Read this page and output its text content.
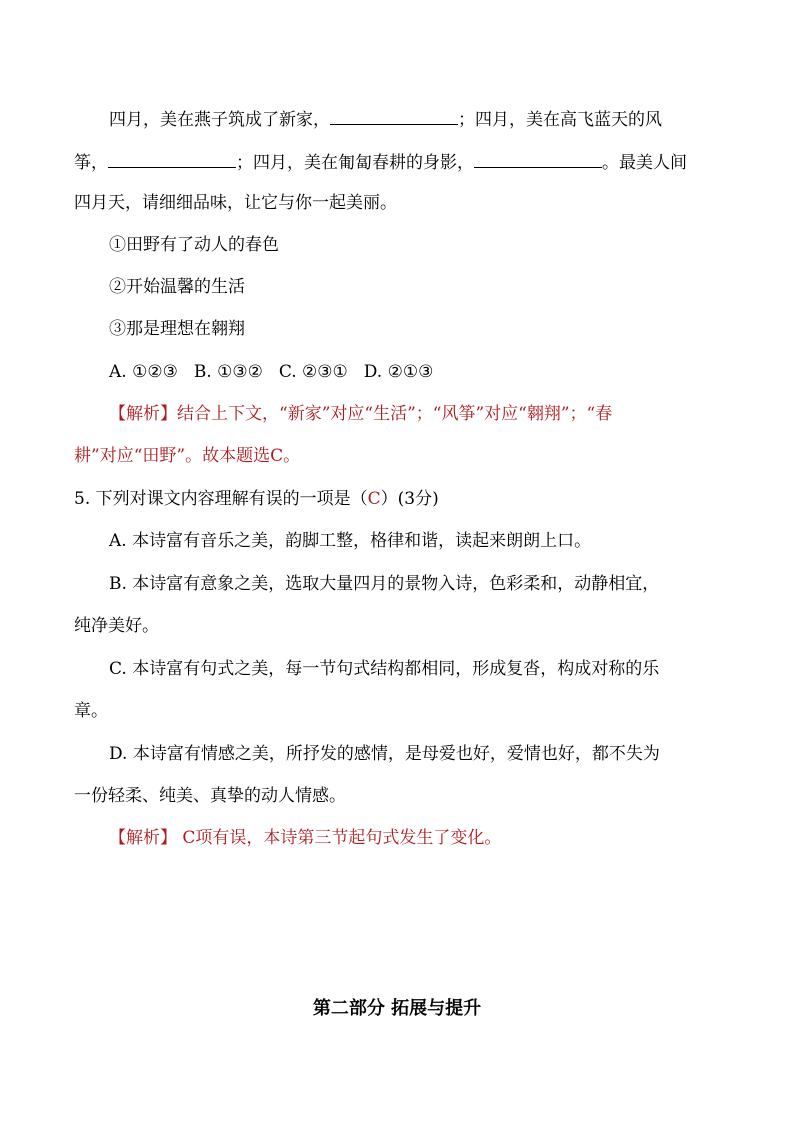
四月，美在燕子筑成了新家，	；四月，美在高飞蓝天的风
筝，	；四月，美在匍匐春耕的身影，	。最美人间
四月天，请细细品味，让它与你一起美丽。
①田野有了动人的春色
②开始温馨的生活
③那是理想在翱翔
A. ①②③ B. ①③② C. ②③① D. ②①③
【解析】结合上下文，“新家”对应“生活”；“风筝”对应“翱翔”；“春
耕”对应“田野”。故本题选C。
5. 下列对课文内容理解有误的一项是（C）(3分)
A. 本诗富有音乐之美，韵脚工整，格律和谐，读起来朗朗上口。
B. 本诗富有意象之美，选取大量四月的景物入诗，色彩柔和，动静相宜，
纯净美好。
C. 本诗富有句式之美，每一节句式结构都相同，形成复沓，构成对称的乐
章。
D. 本诗富有情感之美，所抒发的感情，是母爱也好，爱情也好，都不失为
一份轻柔、纯美、真挚的动人情感。
【解析】 C项有误，本诗第三节起句式发生了变化。
第二部分 拓展与提升
